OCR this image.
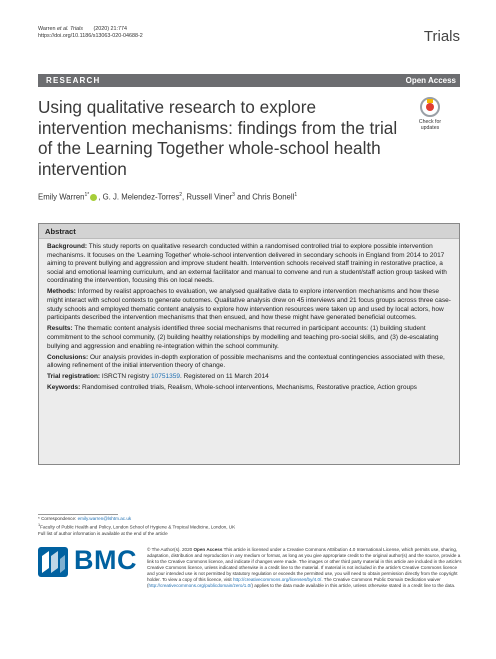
Warren et al. Trials (2020) 21:774
https://doi.org/10.1186/s13063-020-04688-2	Trials
RESEARCH	Open Access
Using qualitative research to explore intervention mechanisms: findings from the trial of the Learning Together whole-school health intervention
Check for
updates
Emily Warren$^{1*}$ , G. J. Melendez-Torres$^2$, Russell Viner$^3$ and Chris Bonell$^1$
Abstract

Background: This study reports on qualitative research conducted within a randomised controlled trial to explore possible intervention mechanisms. It focuses on the 'Learning Together' whole-school intervention delivered in secondary schools in England from 2014 to 2017 aiming to prevent bullying and aggression and improve student health. Intervention schools received staff training in restorative practice, a social and emotional learning curriculum, and an external facilitator and manual to convene and run a student/staff action group tasked with coordinating the intervention, focusing this on local needs.

Methods: Informed by realist approaches to evaluation, we analysed qualitative data to explore intervention mechanisms and how these might interact with school contexts to generate outcomes. Qualitative analysis drew on 45 interviews and 21 focus groups across three case-study schools and employed thematic content analysis to explore how intervention resources were taken up and used by local actors, how participants described the intervention mechanisms that then ensued, and how these might have generated beneficial outcomes.

Results: The thematic content analysis identified three social mechanisms that recurred in participant accounts: (1) building student commitment to the school community, (2) building healthy relationships by modelling and teaching pro-social skills, and (3) de-escalating bullying and aggression and enabling re-integration within the school community.

Conclusions: Our analysis provides in-depth exploration of possible mechanisms and the contextual contingencies associated with these, allowing refinement of the initial intervention theory of change.

Trial registration: ISRCTN registry 10751359. Registered on 11 March 2014

Keywords: Randomised controlled trials, Realism, Whole-school interventions, Mechanisms, Restorative practice, Action groups

* Correspondence: emily.warren@lshtm.ac.uk
$^1$Faculty of Public Health and Policy, London School of Hygiene & Tropical Medicine, London, UK
Full list of author information is available at the end of the article
BMC © The Author(s). 2020 Open Access This article is licensed under a Creative Commons Attribution 4.0 International License, which permits use, sharing, adaptation, distribution and reproduction in any medium or format, as long as you give appropriate credit to the original author(s) and the source, provide a link to the Creative Commons licence, and indicate if changes were made. The images or other third party material in this article are included in the article's Creative Commons licence, unless indicated otherwise in a credit line to the material. If material is not included in the article's Creative Commons licence and your intended use is not permitted by statutory regulation or exceeds the permitted use, you will need to obtain permission directly from the copyright holder. To view a copy of this licence, visit http://creativecommons.org/licenses/by/4.0/. The Creative Commons Public Domain Dedication waiver (http://creativecommons.org/publicdomain/zero/1.0/) applies to the data made available in this article, unless otherwise stated in a credit line to the data.
